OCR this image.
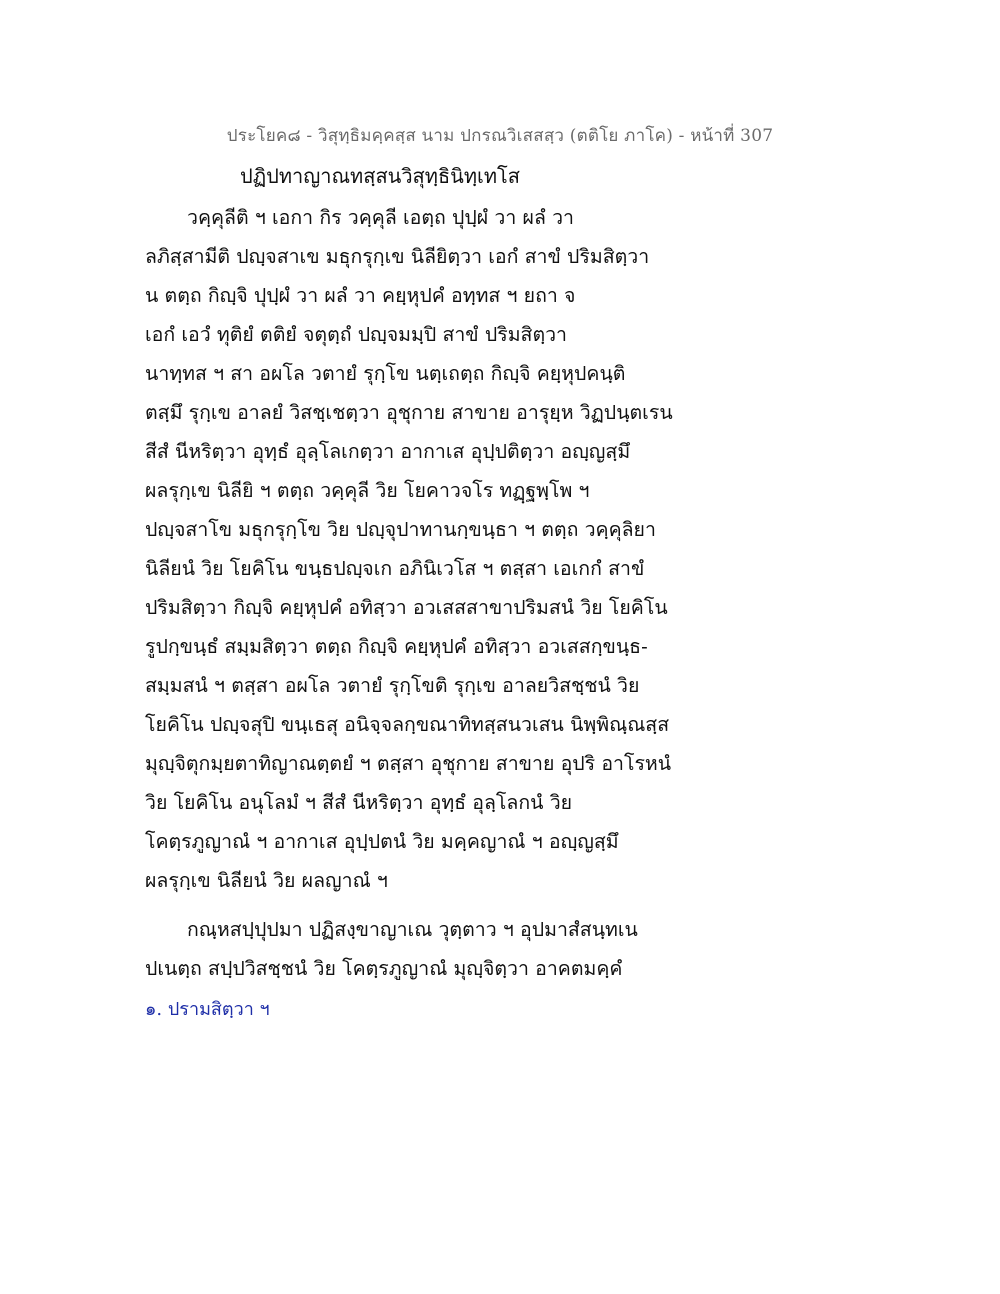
ประโยค๘ - วิสุทฺธิมคฺคสฺส นาม ปกรณวิเสสสฺว (ตติโย ภาโค) - หน้าที่ 307
ปฏิปทาญาณทสฺสนวิสุทฺธินิทฺเทโส
วคฺคุลีติ ฯ เอกา กิร วคฺคุลี เอตฺถ ปุปฺผํ วา ผลํ วา
ลภิสฺสามีติ ปญฺจสาเข มธุกรุกฺเข นิลียิตฺวา เอกํ สาขํ ปริมสิตฺวา
น ตตฺถ กิญฺจิ ปุปฺผํ วา ผลํ วา คยฺหุปคํ อทฺทส ฯ ยถา จ
เอกํ เอวํ ทุติยํ ตติยํ จตุตฺถํ ปญฺจมมฺปิ สาขํ ปริมสิตฺวา
นาทฺทส ฯ สา อผโล วตายํ รุกฺโข นตฺเถตฺถ กิญฺจิ คยฺหุปคนฺติ
ตสฺมึ รุกฺเข อาลยํ วิสชฺเชตฺวา อุชุกาย สาขาย อารุยฺห วิฏปนฺตเรน
สีสํ นีหริตฺวา อุทฺธํ อุลฺโลเกตฺวา อากาเส อุปฺปติตฺวา อญฺญสฺมึ
ผลรุกฺเข นิลียิ ฯ ตตฺถ วคฺคุลี วิย โยคาวจโร ทฏฺฐพฺโพ ฯ
ปญฺจสาโข มธุกรุกฺโข วิย ปญฺจุปาทานกฺขนฺธา ฯ ตตฺถ วคฺคุลิยา
นิลียนํ วิย โยคิโน ขนฺธปญฺจเก อภินิเวโส ฯ ตสฺสา เอเกกํ สาขํ
ปริมสิตฺวา กิญฺจิ คยฺหุปคํ อทิสฺวา อวเสสสาขาปริมสนํ วิย โยคิโน
รูปกฺขนฺธํ สมฺมสิตฺวา ตตฺถ กิญฺจิ คยฺหุปคํ อทิสฺวา อวเสสกฺขนฺธ-
สมฺมสนํ ฯ ตสฺสา อผโล วตายํ รุกฺโขติ รุกฺเข อาลยวิสชฺชนํ วิย
โยคิโน ปญฺจสุปิ ขนฺเธสุ อนิจฺจลกฺขณาทิทสฺสนวเสน นิพฺพิณฺณสฺส
มุญฺจิตุกมฺยตาทิญาณตฺตยํ ฯ ตสฺสา อุชุกาย สาขาย อุปริ อาโรหนํ
วิย โยคิโน อนุโลมํ ฯ สีสํ นีหริตฺวา อุทฺธํ อุลฺโลกนํ วิย
โคตฺรภูญาณํ ฯ อากาเส อุปฺปตนํ วิย มคฺคญาณํ ฯ อญฺญสฺมึ
ผลรุกฺเข นิลียนํ วิย ผลญาณํ ฯ
กณฺหสปฺปุปมา ปฏิสงฺขาญาเณ วุตฺตาว ฯ อุปมาสํสนฺทเน
ปเนตฺถ สปฺปวิสชฺชนํ วิย โคตฺรภูญาณํ มุญฺจิตฺวา อาคตมคฺคํ
๑. ปรามสิตฺวา ฯ
